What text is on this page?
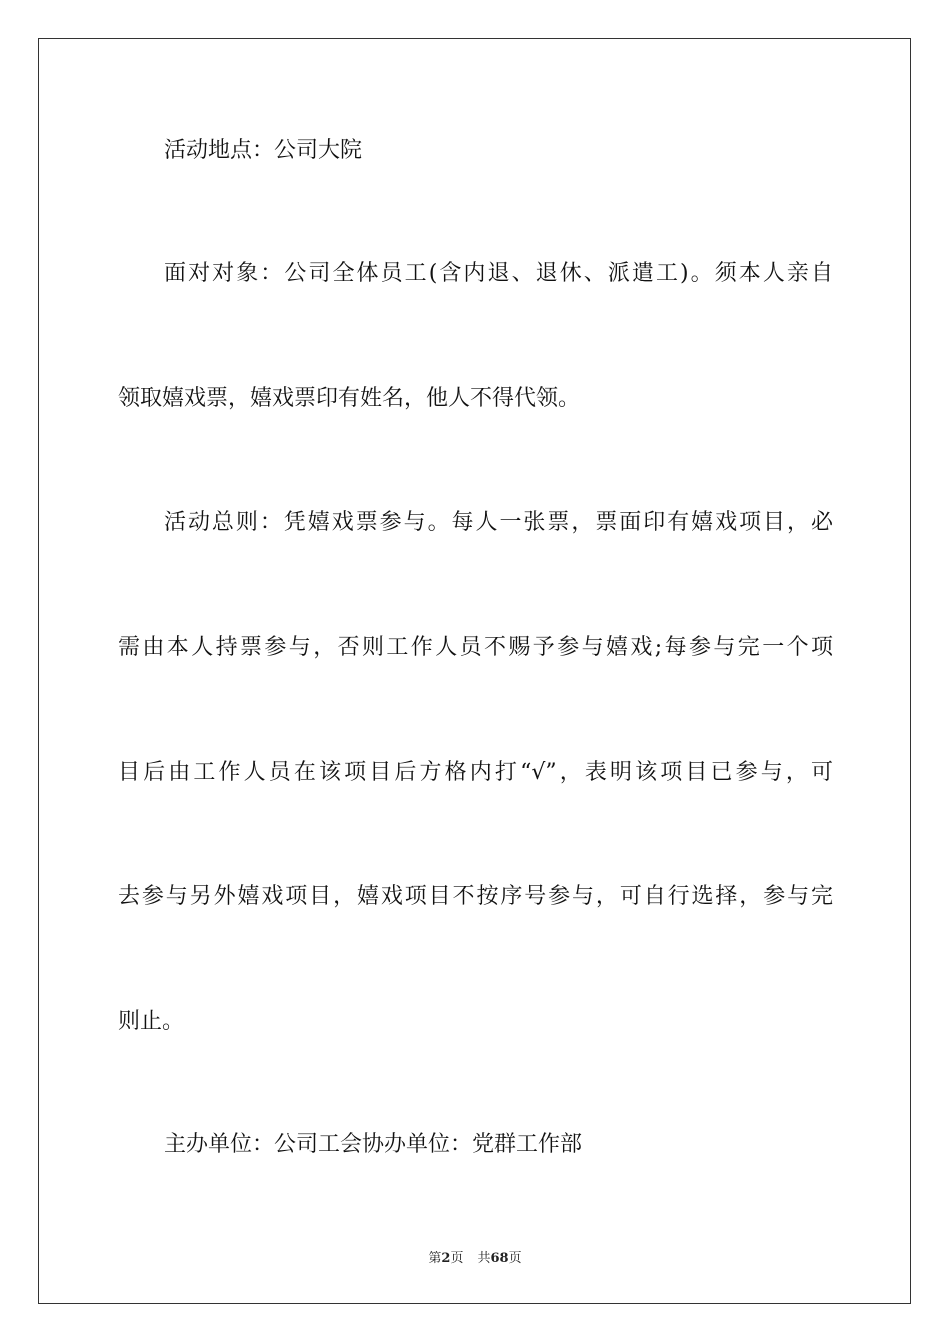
活动地点：公司大院
面对对象：公司全体员工(含内退、退休、派遣工)。须本人亲自
领取嬉戏票，嬉戏票印有姓名，他人不得代领。
活动总则：凭嬉戏票参与。每人一张票，票面印有嬉戏项目，必
需由本人持票参与，否则工作人员不赐予参与嬉戏;每参与完一个项
目后由工作人员在该项目后方格内打“√”，表明该项目已参与，可
去参与另外嬉戏项目，嬉戏项目不按序号参与，可自行选择，参与完
则止。
主办单位：公司工会协办单位：党群工作部
第2页 共68页
